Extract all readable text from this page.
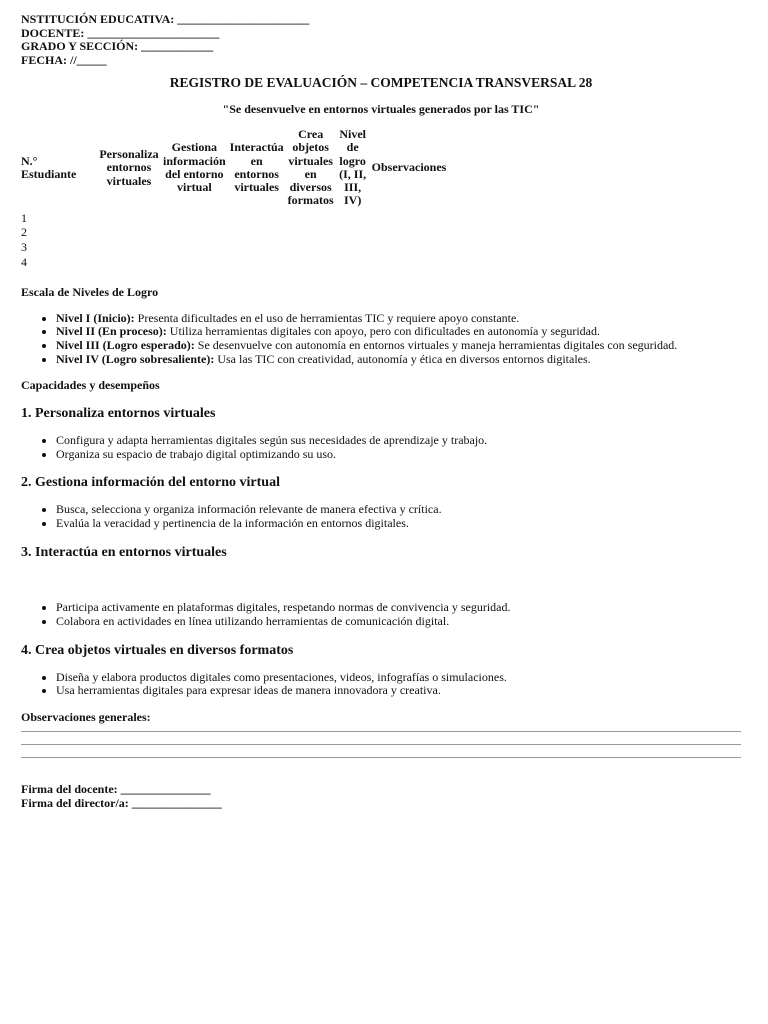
NSTITUCIÓN EDUCATIVA: ______________________
DOCENTE: ______________________
GRADO Y SECCIÓN: ____________
FECHA: //_____
REGISTRO DE EVALUACIÓN – COMPETENCIA TRANSVERSAL 28
"Se desenvuelve en entornos virtuales generados por las TIC"
N.° Estudiante	Personaliza entornos virtuales	Gestiona información del entorno virtual	Interactúa en entornos virtuales	Crea objetos virtuales en diversos formatos	Nivel de logro (I, II, III, IV)	Observaciones
1
2
3
4
Escala de Niveles de Logro
• Nivel I (Inicio): Presenta dificultades en el uso de herramientas TIC y requiere apoyo constante.
• Nivel II (En proceso): Utiliza herramientas digitales con apoyo, pero con dificultades en autonomía y seguridad.
• Nivel III (Logro esperado): Se desenvuelve con autonomía en entornos virtuales y maneja herramientas digitales con seguridad.
• Nivel IV (Logro sobresaliente): Usa las TIC con creatividad, autonomía y ética en diversos entornos digitales.
Capacidades y desempeños
1. Personaliza entornos virtuales
• Configura y adapta herramientas digitales según sus necesidades de aprendizaje y trabajo.
• Organiza su espacio de trabajo digital optimizando su uso.
2. Gestiona información del entorno virtual
• Busca, selecciona y organiza información relevante de manera efectiva y crítica.
• Evalúa la veracidad y pertinencia de la información en entornos digitales.
3. Interactúa en entornos virtuales
• Participa activamente en plataformas digitales, respetando normas de convivencia y seguridad.
• Colabora en actividades en línea utilizando herramientas de comunicación digital.
4. Crea objetos virtuales en diversos formatos
• Diseña y elabora productos digitales como presentaciones, videos, infografías o simulaciones.
• Usa herramientas digitales para expresar ideas de manera innovadora y creativa.
Observaciones generales:
Firma del docente: _______________
Firma del director/a: _______________
